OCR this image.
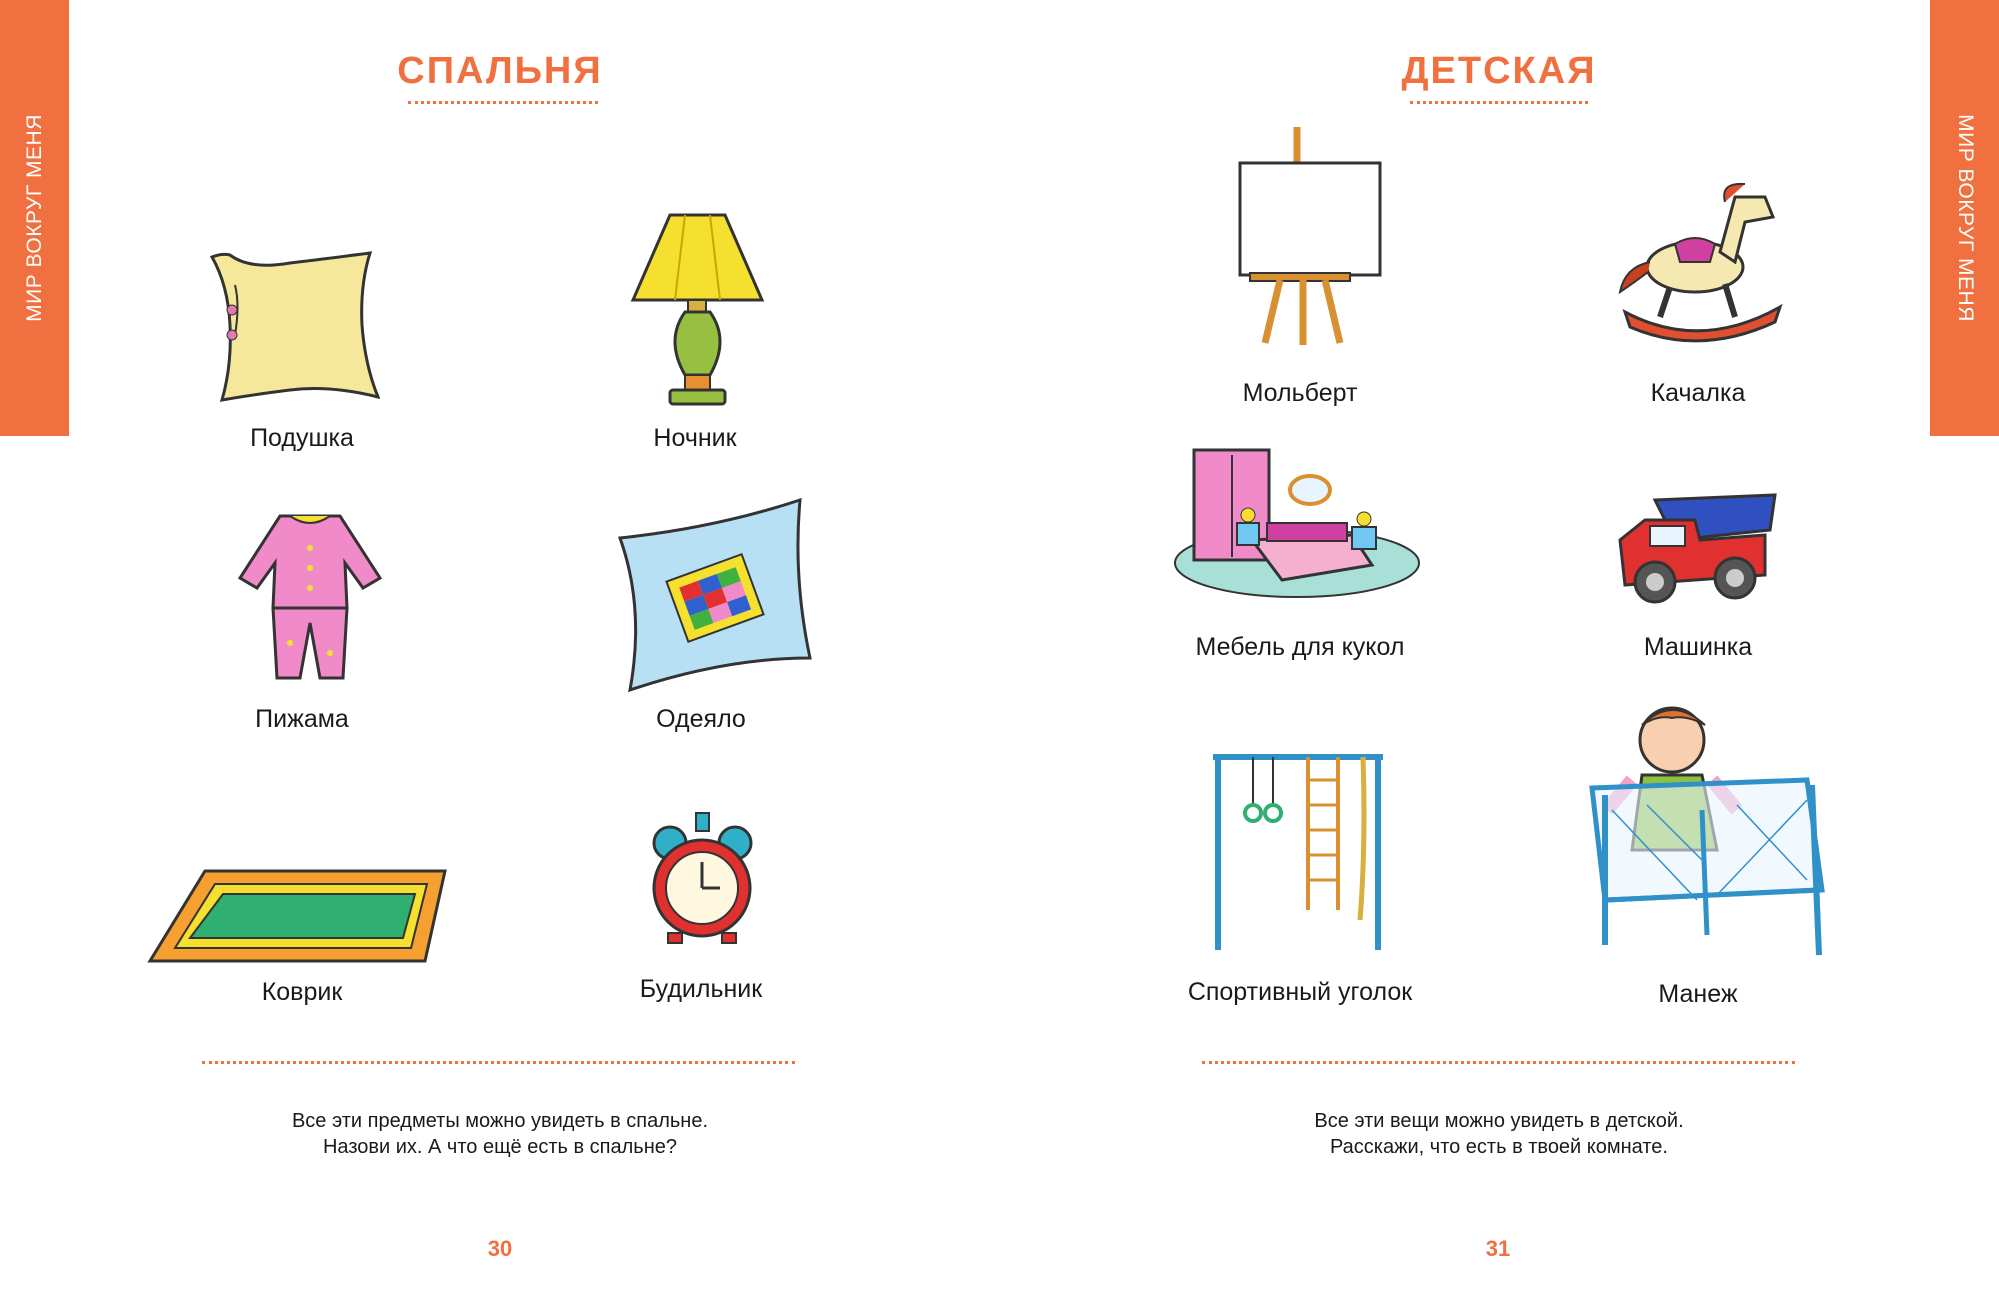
МИР ВОКРУГ МЕНЯ	МИР ВОКРУГ МЕНЯ
СПАЛЬНЯ
Подушка	Ночник
Пижама	Одеяло
Коврик	Будильник
Все эти предметы можно увидеть в спальне.
Назови их. А что ещё есть в спальне?
30
ДЕТСКАЯ
Мольберт	Качалка
Мебель для кукол	Машинка
Спортивный уголок	Манеж
Все эти вещи можно увидеть в детской.
Расскажи, что есть в твоей комнате.
31
